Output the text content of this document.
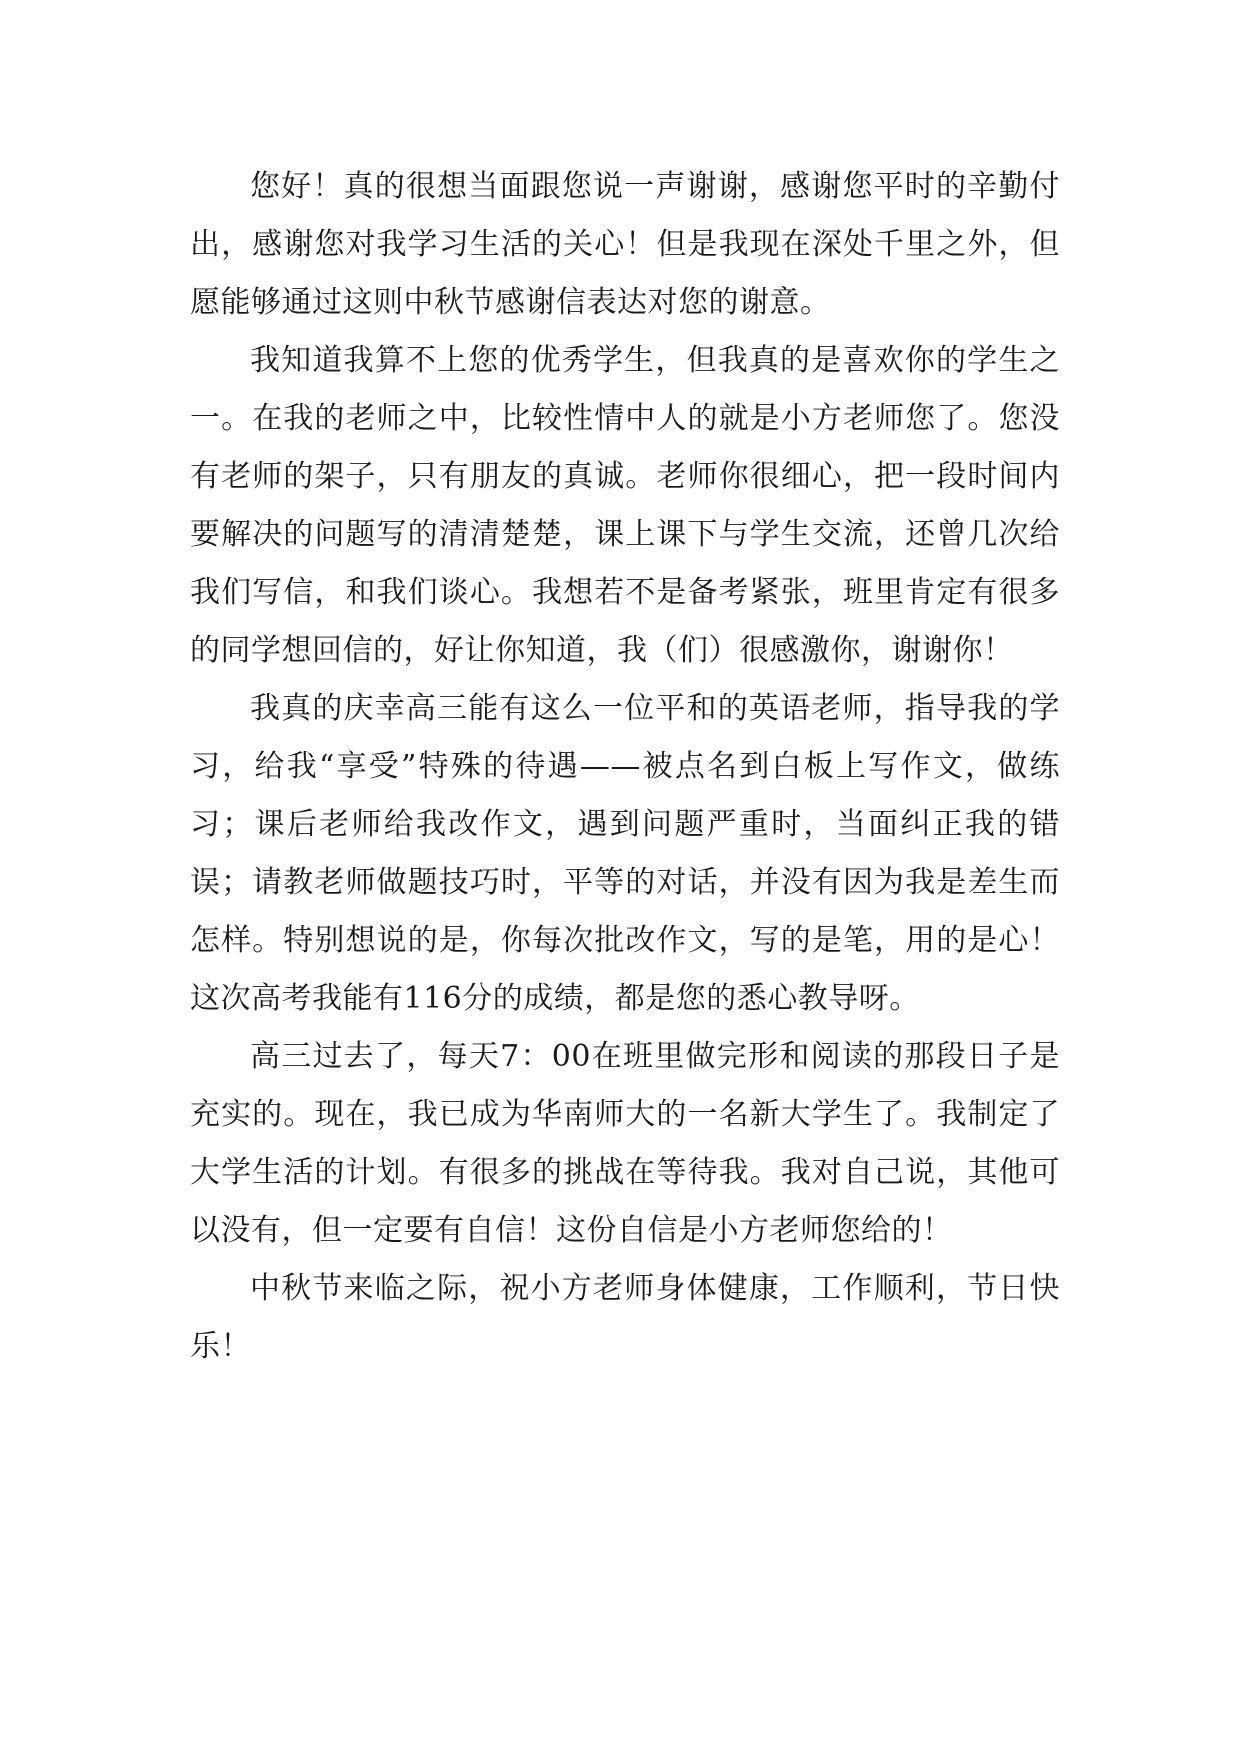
您好！真的很想当面跟您说一声谢谢，感谢您平时的辛勤付出，感谢您对我学习生活的关心！但是我现在深处千里之外，但愿能够通过这则中秋节感谢信表达对您的谢意。

我知道我算不上您的优秀学生，但我真的是喜欢你的学生之一。在我的老师之中，比较性情中人的就是小方老师您了。您没有老师的架子，只有朋友的真诚。老师你很细心，把一段时间内要解决的问题写的清清楚楚，课上课下与学生交流，还曾几次给我们写信，和我们谈心。我想若不是备考紧张，班里肯定有很多的同学想回信的，好让你知道，我（们）很感激你，谢谢你！

我真的庆幸高三能有这么一位平和的英语老师，指导我的学习，给我“享受”特殊的待遇——被点名到白板上写作文，做练习；课后老师给我改作文，遇到问题严重时，当面纠正我的错误；请教老师做题技巧时，平等的对话，并没有因为我是差生而怎样。特别想说的是，你每次批改作文，写的是笔，用的是心！这次高考我能有116分的成绩，都是您的悉心教导呀。

高三过去了，每天7：00在班里做完形和阅读的那段日子是充实的。现在，我已成为华南师大的一名新大学生了。我制定了大学生活的计划。有很多的挑战在等待我。我对自己说，其他可以没有，但一定要有自信！这份自信是小方老师您给的！

中秋节来临之际，祝小方老师身体健康，工作顺利，节日快乐！
